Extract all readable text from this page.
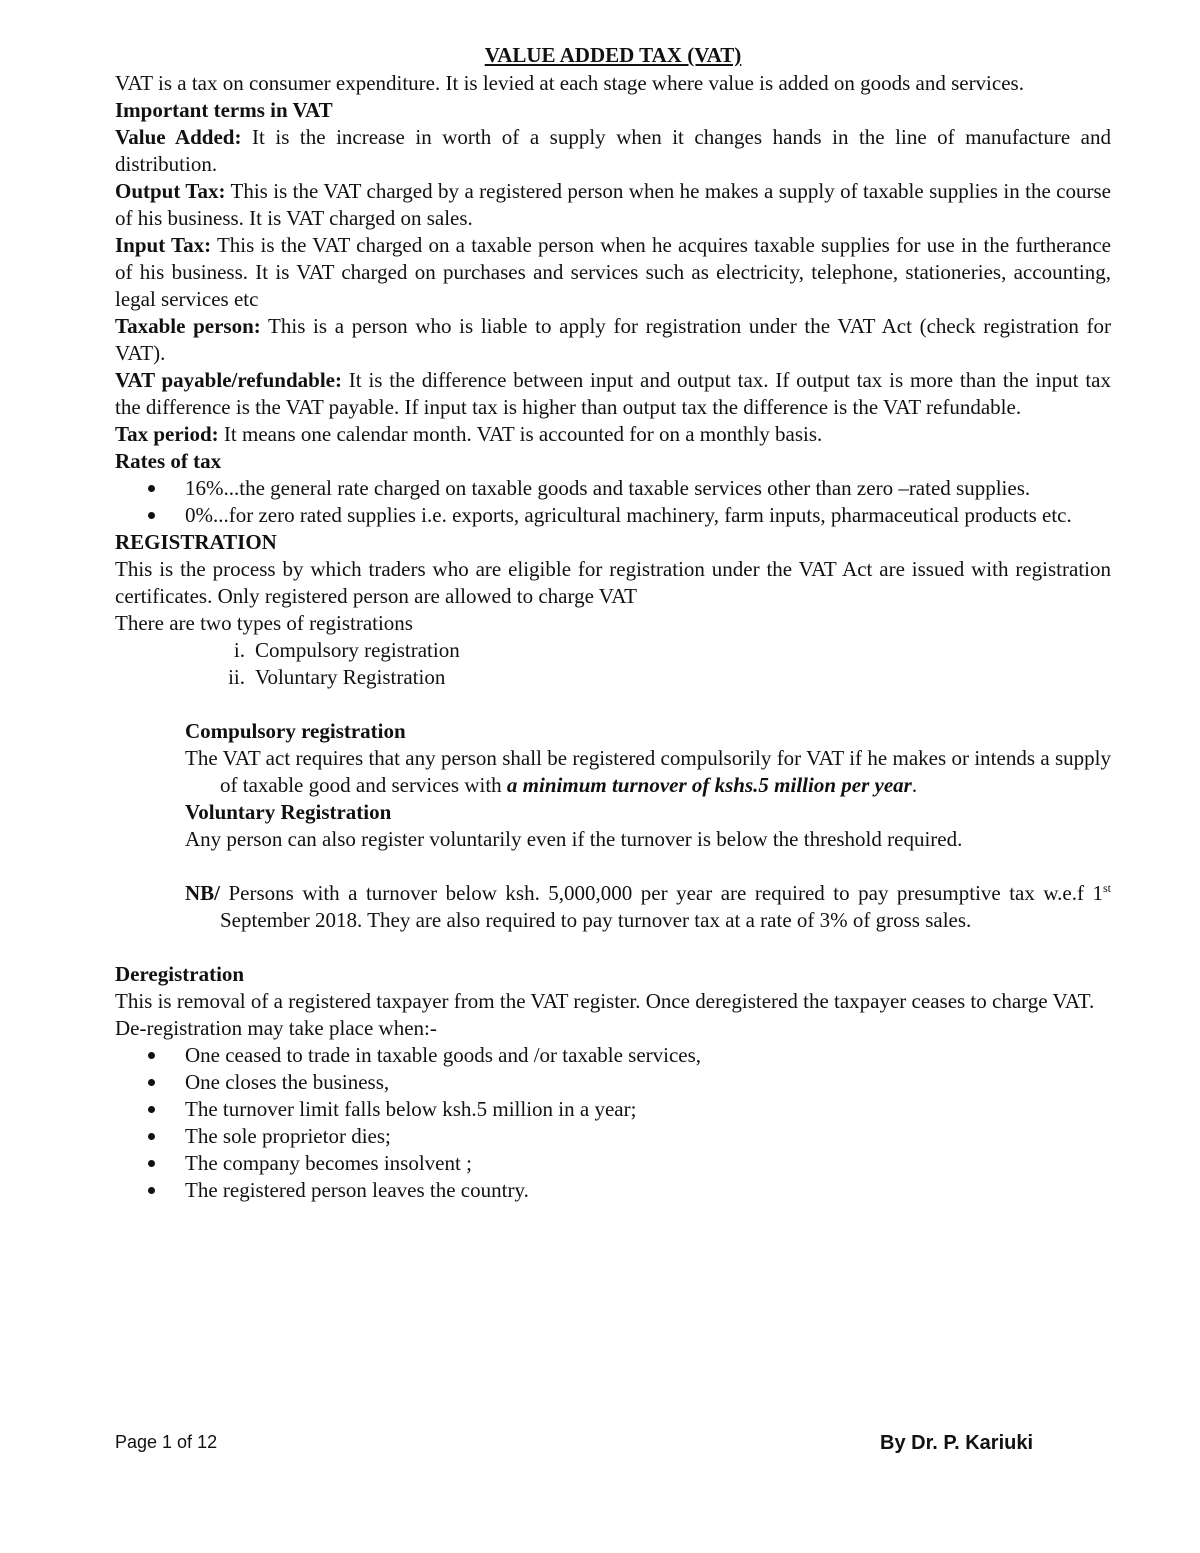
VALUE ADDED TAX (VAT)

VAT is a tax on consumer expenditure. It is levied at each stage where value is added on goods and services.

Important terms in VAT

Value Added: It is the increase in worth of a supply when it changes hands in the line of manufacture and distribution.

Output Tax: This is the VAT charged by a registered person when he makes a supply of taxable supplies in the course of his business. It is VAT charged on sales.

Input Tax: This is the VAT charged on a taxable person when he acquires taxable supplies for use in the furtherance of his business. It is VAT charged on purchases and services such as electricity, telephone, stationeries, accounting, legal services etc

Taxable person: This is a person who is liable to apply for registration under the VAT Act (check registration for VAT).

VAT payable/refundable: It is the difference between input and output tax. If output tax is more than the input tax the difference is the VAT payable. If input tax is higher than output tax the difference is the VAT refundable.

Tax period: It means one calendar month. VAT is accounted for on a monthly basis.

Rates of tax

16%...the general rate charged on taxable goods and taxable services other than zero –rated supplies.
0%...for zero rated supplies i.e. exports, agricultural machinery, farm inputs, pharmaceutical products etc.

REGISTRATION

This is the process by which traders who are eligible for registration under the VAT Act are issued with registration certificates. Only registered person are allowed to charge VAT

There are two types of registrations

i. Compulsory registration
ii. Voluntary Registration

Compulsory registration

The VAT act requires that any person shall be registered compulsorily for VAT if he makes or intends a supply of taxable good and services with a minimum turnover of kshs.5 million per year.

Voluntary Registration

Any person can also register voluntarily even if the turnover is below the threshold required.

NB/ Persons with a turnover below ksh. 5,000,000 per year are required to pay presumptive tax w.e.f 1st September 2018. They are also required to pay turnover tax at a rate of 3% of gross sales.

Deregistration

This is removal of a registered taxpayer from the VAT register. Once deregistered the taxpayer ceases to charge VAT.

De-registration may take place when:-

One ceased to trade in taxable goods and /or taxable services,
One closes the business,
The turnover limit falls below ksh.5 million in a year;
The sole proprietor dies;
The company becomes insolvent ;
The registered person leaves the country.
Page 1 of 12	By Dr. P. Kariuki
